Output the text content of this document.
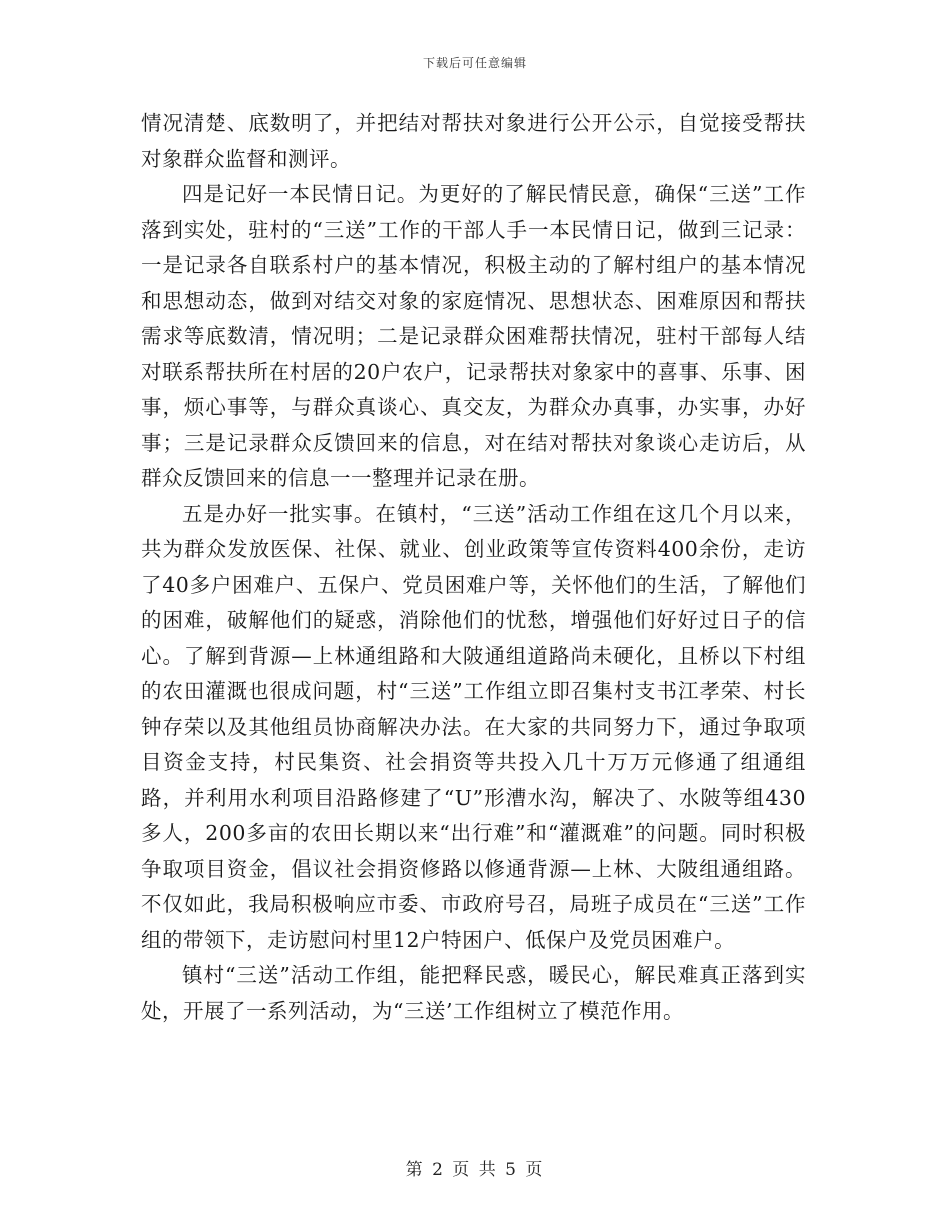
下载后可任意编辑

情况清楚、底数明了，并把结对帮扶对象进行公开公示，自觉接受帮扶对象群众监督和测评。

四是记好一本民情日记。为更好的了解民情民意，确保“三送”工作落到实处，驻村的“三送”工作的干部人手一本民情日记，做到三记录：一是记录各自联系村户的基本情况，积极主动的了解村组户的基本情况和思想动态，做到对结交对象的家庭情况、思想状态、困难原因和帮扶需求等底数清，情况明；二是记录群众困难帮扶情况，驻村干部每人结对联系帮扶所在村居的20户农户，记录帮扶对象家中的喜事、乐事、困事，烦心事等，与群众真谈心、真交友，为群众办真事，办实事，办好事；三是记录群众反馈回来的信息，对在结对帮扶对象谈心走访后，从群众反馈回来的信息一一整理并记录在册。

五是办好一批实事。在镇村，“三送”活动工作组在这几个月以来，共为群众发放医保、社保、就业、创业政策等宣传资料400余份，走访了40多户困难户、五保户、党员困难户等，关怀他们的生活，了解他们的困难，破解他们的疑惑，消除他们的忧愁，增强他们好好过日子的信心。了解到背源—上林通组路和大陂通组道路尚未硬化，且桥以下村组的农田灌溉也很成问题，村“三送”工作组立即召集村支书江孝荣、村长钟存荣以及其他组员协商解决办法。在大家的共同努力下，通过争取项目资金支持，村民集资、社会捐资等共投入几十万万元修通了组通组路，并利用水利项目沿路修建了“U”形漕水沟，解决了、水陂等组430多人，200多亩的农田长期以来“出行难”和“灌溉难”的问题。同时积极争取项目资金，倡议社会捐资修路以修通背源—上林、大陂组通组路。不仅如此，我局积极响应市委、市政府号召，局班子成员在“三送”工作组的带领下，走访慰问村里12户特困户、低保户及党员困难户。

镇村“三送”活动工作组，能把释民惑，暖民心，解民难真正落到实处，开展了一系列活动，为“三送’工作组树立了模范作用。

第 2 页 共 5 页
